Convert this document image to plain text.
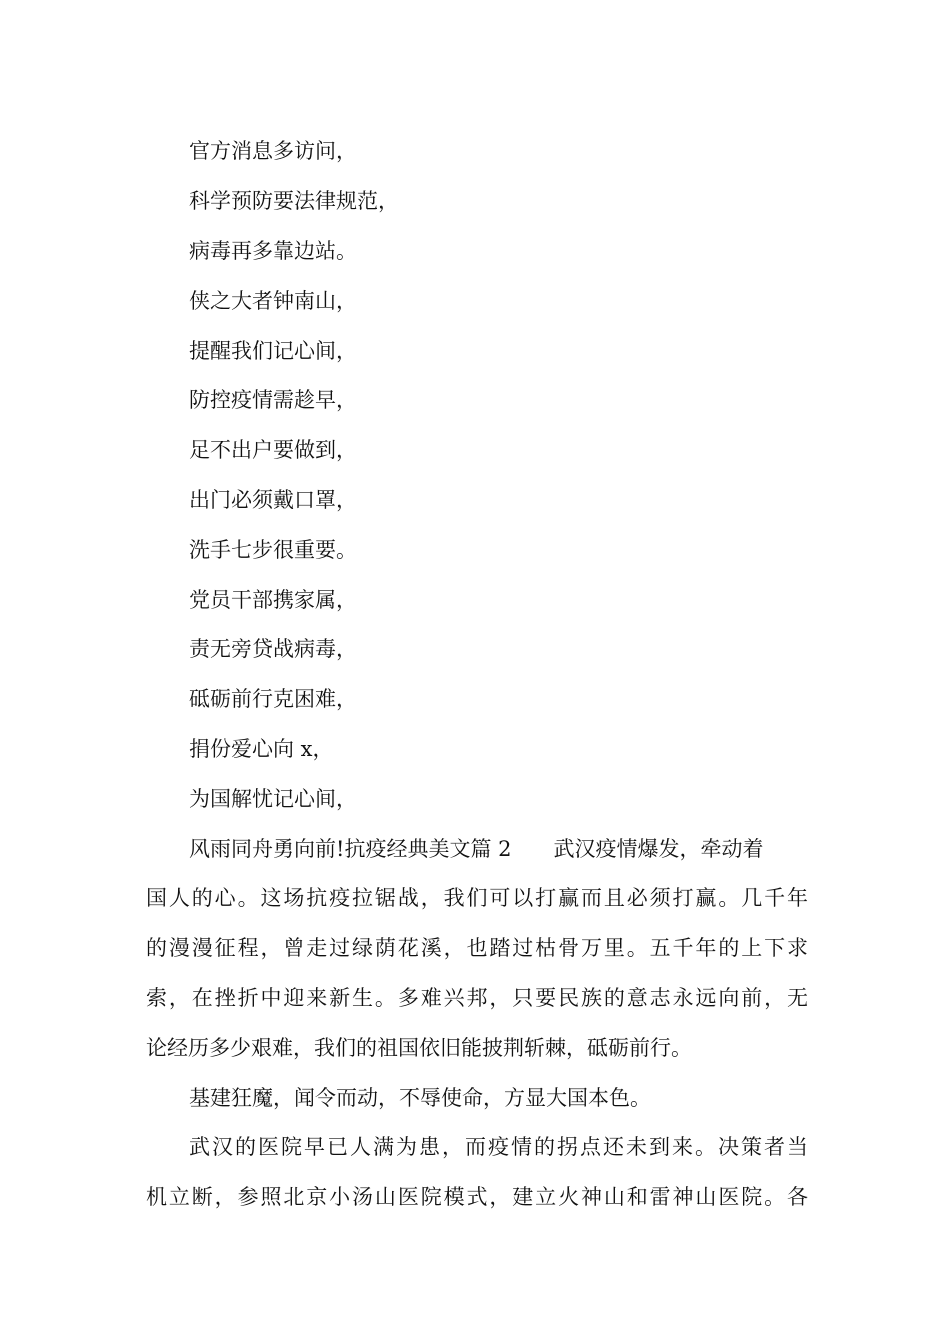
官方消息多访问，
科学预防要法律规范，
病毒再多靠边站。
侠之大者钟南山，
提醒我们记心间，
防控疫情需趁早，
足不出户要做到，
出门必须戴口罩，
洗手七步很重要。
党员干部携家属，
责无旁贷战病毒，
砥砺前行克困难，
捐份爱心向 x，
为国解忧记心间，
风雨同舟勇向前!抗疫经典美文篇 2 武汉疫情爆发，牵动着
国人的心。这场抗疫拉锯战，我们可以打赢而且必须打赢。几千年
的漫漫征程，曾走过绿荫花溪，也踏过枯骨万里。五千年的上下求
索，在挫折中迎来新生。多难兴邦，只要民族的意志永远向前，无
论经历多少艰难，我们的祖国依旧能披荆斩棘，砥砺前行。
基建狂魔，闻令而动，不辱使命，方显大国本色。
武汉的医院早已人满为患，而疫情的拐点还未到来。决策者当
机立断，参照北京小汤山医院模式，建立火神山和雷神山医院。各
